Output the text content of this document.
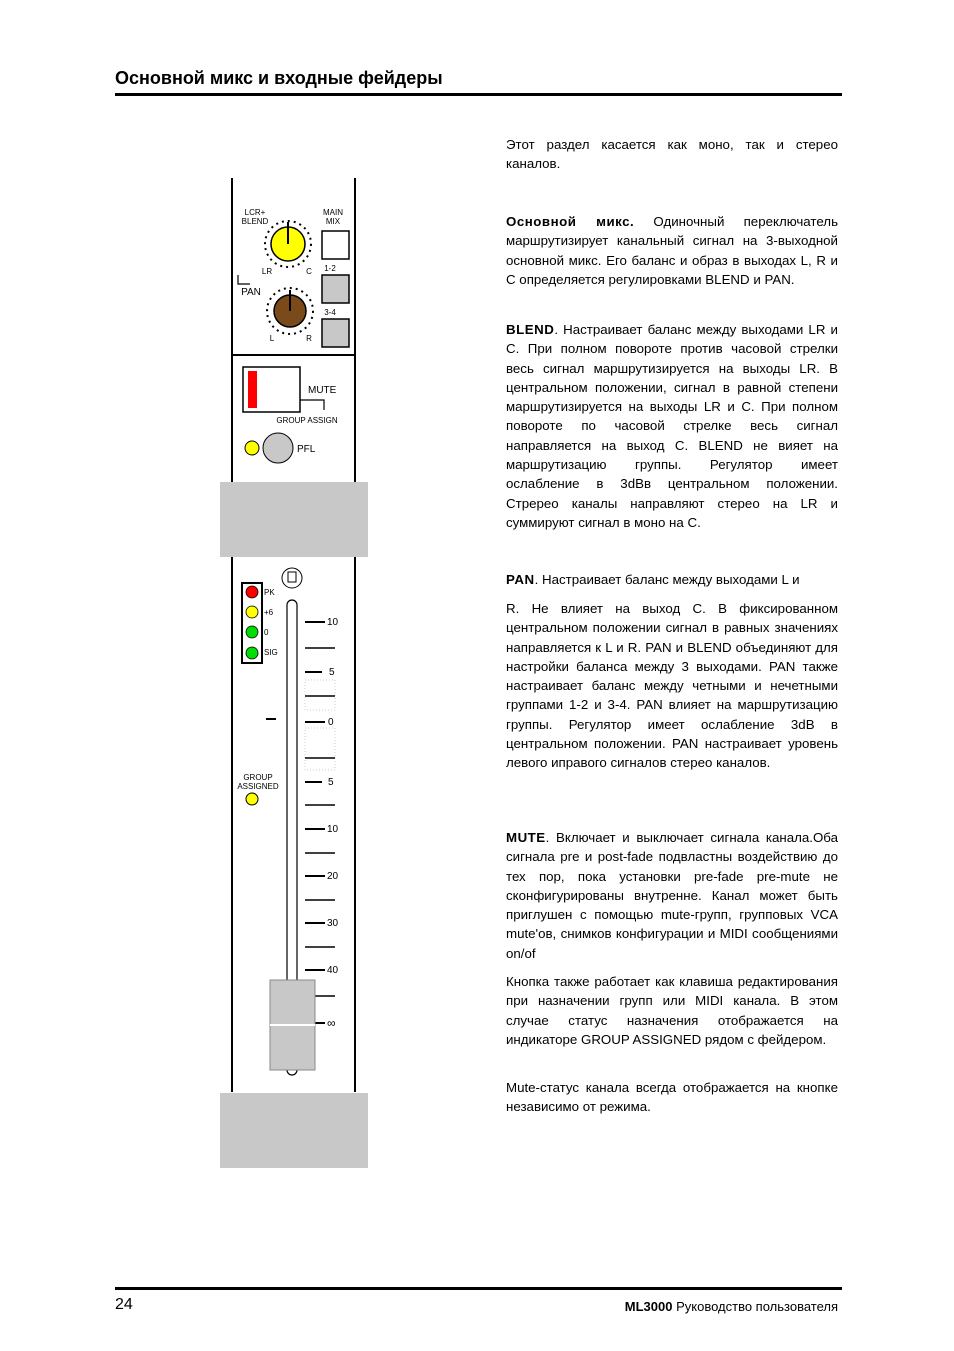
Основной микс и входные фейдеры
Этот раздел касается как моно, так и стерео каналов.
Основной микс. Одиночный переключатель маршрутизирует канальный сигнал на 3-выходной основной микс. Его баланс и образ в выходах L, R и C определяется регулировками BLEND и PAN.
BLEND. Настраивает баланс между выходами LR и C. При полном повороте против часовой стрелки весь сигнал маршрутизируется на выходы LR. В центральном положении, сигнал в равной степени маршрутизируется на выходы LR и C. При полном повороте по часовой стрелке весь сигнал направляется на выход C. BLEND не вияет на маршрутизацию группы. Регулятор имеет ослабление в 3dBв центральном положении. Стререо каналы направляют стерео на LR и суммируют сигнал в моно на C.
PAN. Настраивает баланс между выходами L и
R. Не влияет на выход C. В фиксированном центральном положении сигнал в равных значениях направляется к L и R. PAN и BLEND объединяют для настройки баланса между 3 выходами. PAN также настраивает баланс между четными и нечетными группами 1-2 и 3-4. PAN влияет на маршрутизацию группы. Регулятор имеет ослабление 3dB в центральном положении. PAN настраивает уровень левого иправого сигналов стерео каналов.
MUTE. Включает и выключает сигнала канала.Оба сигнала pre и post-fade подвластны воздействию до тех пор, пока установки pre-fade pre-mute не сконфигурированы внутренне. Канал может быть приглушен с помощью mute-групп, групповых VCA mute'ов, снимков конфигурации и MIDI сообщениями on/of
Кнопка также работает как клавиша редактирования при назначении групп или MIDI канала. В этом случае статус назначения отображается на индикаторе GROUP ASSIGNED рядом с фейдером.
Mute-статус канала всегда отображается на кнопке независимо от режима.
LCR+
BLEND
MAIN
MIX
LR	C 1-2
3-4
PAN
L	R
MUTE
GROUP ASSIGN
PFL
PK
+6
0
SIG
GROUP
ASSIGNED
10
5
0
5
10
20
30
40
∞
24	ML3000 Руководство пользователя
